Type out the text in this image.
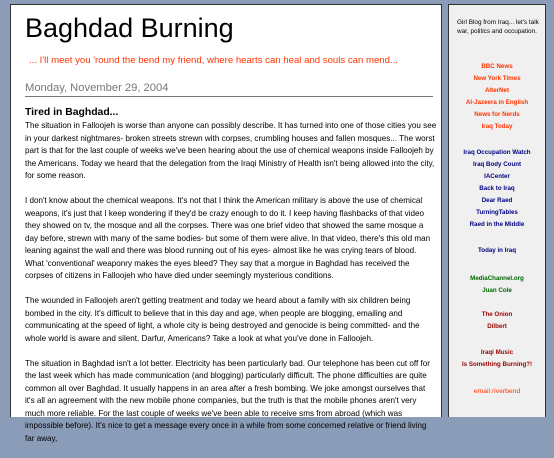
Baghdad Burning
... I'll meet you 'round the bend my friend, where hearts can heal and souls can mend...
Monday, November 29, 2004
Tired in Baghdad...

The situation in Falloojeh is worse than anyone can possibly describe. It has turned into one of those cities you see in your darkest nightmares- broken streets strewn with corpses, crumbling houses and fallen mosques... The worst part is that for the last couple of weeks we've been hearing about the use of chemical weapons inside Falloojeh by the Americans. Today we heard that the delegation from the Iraqi Ministry of Health isn't being allowed into the city, for some reason.

I don't know about the chemical weapons. It's not that I think the American military is above the use of chemical weapons, it's just that I keep wondering if they'd be crazy enough to do it. I keep having flashbacks of that video they showed on tv, the mosque and all the corpses. There was one brief video that showed the same mosque a day before, strewn with many of the same bodies- but some of them were alive. In that video, there's this old man leaning against the wall and there was blood running out of his eyes- almost like he was crying tears of blood. What 'conventional' weaponry makes the eyes bleed? They say that a morgue in Baghdad has received the corpses of citizens in Falloojeh who have died under seemingly mysterious conditions.

The wounded in Falloojeh aren't getting treatment and today we heard about a family with six children being bombed in the city. It's difficult to believe that in this day and age, when people are blogging, emailing and communicating at the speed of light, a whole city is being destroyed and genocide is being committed- and the whole world is aware and silent. Darfur, Americans? Take a look at what you've done in Falloojeh.

The situation in Baghdad isn't a lot better. Electricity has been particularly bad. Our telephone has been cut off for the last week which has made communication (and blogging) particularly difficult. The phone difficulties are quite common all over Baghdad. It usually happens in an area after a fresh bombing. We joke amongst ourselves that it's all an agreement with the new mobile phone companies, but the truth is that the mobile phones aren't very much more reliable. For the last couple of weeks we've been able to receive sms from abroad (which was impossible before). It's nice to get a message every once in a while from some concerned relative or friend living far away,

Girl Blog from Iraq... let's talk war, politics and occupation.
BBC News
New York Times
AlterNet
Al-Jazeera in English
News for Nerds
Iraq Today
Iraq Occupation Watch
Iraq Body Count
IACenter
Back to Iraq
Dear Raed
TurningTables
Raed in the Middle
Today in Iraq
MediaChannel.org
Juan Cole
The Onion
Dilbert
Iraqi Music
Is Something Burning?!
email riverbend
